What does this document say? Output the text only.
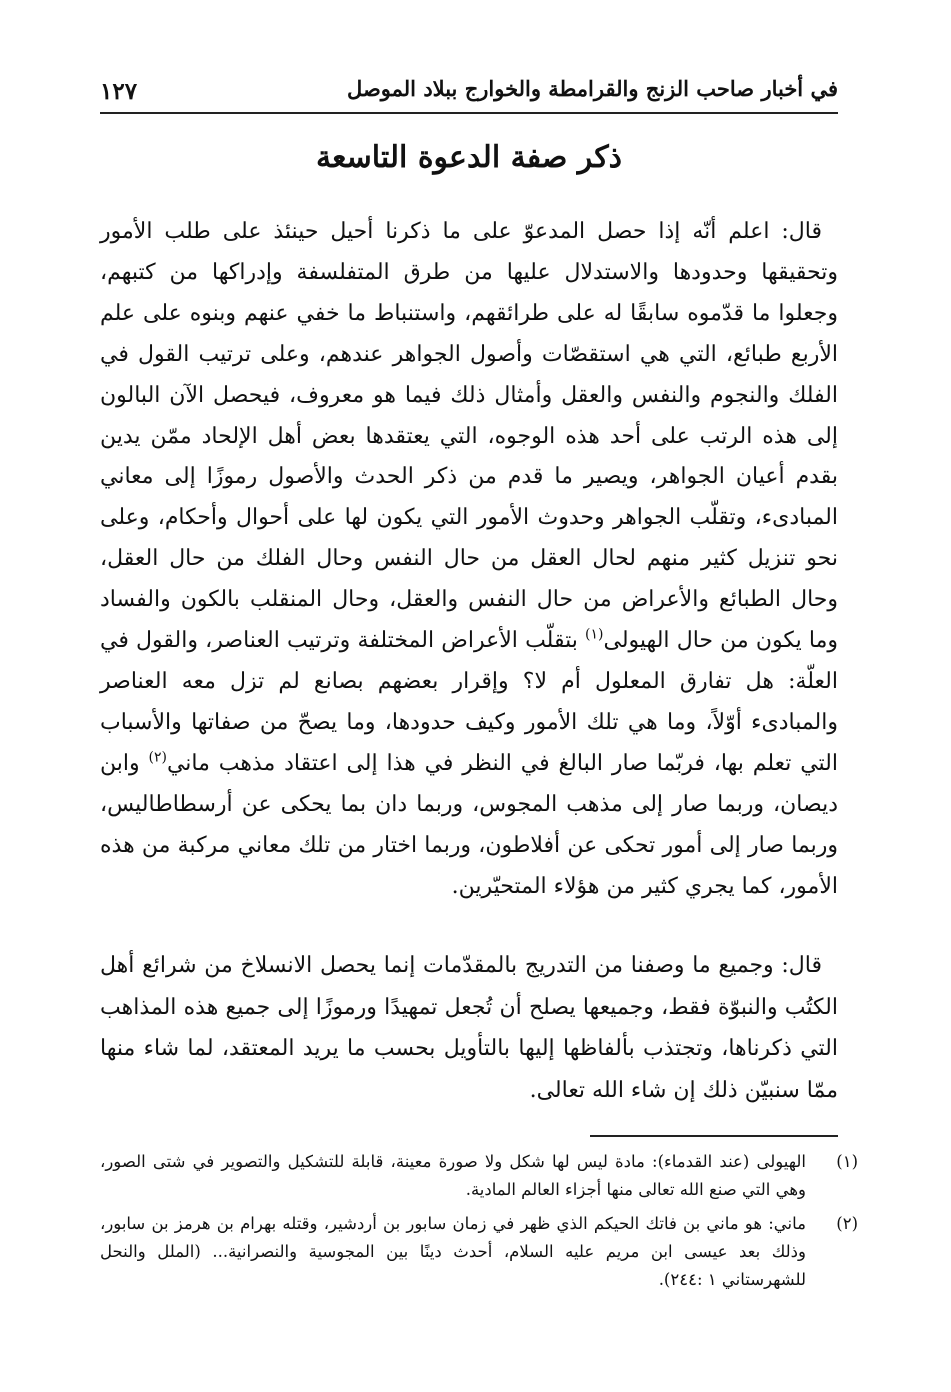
في أخبار صاحب الزنج والقرامطة والخوارج ببلاد الموصل
١٢٧
ذكر صفة الدعوة التاسعة
قال: اعلم أنّه إذا حصل المدعوّ على ما ذكرنا أحيل حينئذ على طلب الأمور وتحقيقها وحدودها والاستدلال عليها من طرق المتفلسفة وإدراكها من كتبهم، وجعلوا ما قدّموه سابقًا له على طرائقهم، واستنباط ما خفي عنهم وبنوه على علم الأربع طبائع، التي هي استقصّات وأصول الجواهر عندهم، وعلى ترتيب القول في الفلك والنجوم والنفس والعقل وأمثال ذلك فيما هو معروف، فيحصل الآن البالون إلى هذه الرتب على أحد هذه الوجوه، التي يعتقدها بعض أهل الإلحاد ممّن يدين بقدم أعيان الجواهر، ويصير ما قدم من ذكر الحدث والأصول رموزًا إلى معاني المبادىء، وتقلّب الجواهر وحدوث الأمور التي يكون لها على أحوال وأحكام، وعلى نحو تنزيل كثير منهم لحال العقل من حال النفس وحال الفلك من حال العقل، وحال الطبائع والأعراض من حال النفس والعقل، وحال المنقلب بالكون والفساد وما يكون من حال الهيولى$^{(١)}$ بتقلّب الأعراض المختلفة وترتيب العناصر، والقول في العلّة: هل تفارق المعلول أم لا؟ وإقرار بعضهم بصانع لم تزل معه العناصر والمبادىء أوّلاً، وما هي تلك الأمور وكيف حدودها، وما يصحّ من صفاتها والأسباب التي تعلم بها، فربّما صار البالغ في النظر في هذا إلى اعتقاد مذهب ماني$^{(٢)}$ وابن ديصان، وربما صار إلى مذهب المجوس، وربما دان بما يحكى عن أرسطاطاليس، وربما صار إلى أمور تحكى عن أفلاطون، وربما اختار من تلك معاني مركبة من هذه الأمور، كما يجري كثير من هؤلاء المتحيّرين.
قال: وجميع ما وصفنا من التدريج بالمقدّمات إنما يحصل الانسلاخ من شرائع أهل الكتُب والنبوّة فقط، وجميعها يصلح أن تُجعل تمهيدًا ورموزًا إلى جميع هذه المذاهب التي ذكرناها، وتجتذب بألفاظها إليها بالتأويل بحسب ما يريد المعتقد، لما شاء منها ممّا سنبيّن ذلك إن شاء الله تعالى.
(١)
الهيولى (عند القدماء): مادة ليس لها شكل ولا صورة معينة، قابلة للتشكيل والتصوير في شتى الصور، وهي التي صنع الله تعالى منها أجزاء العالم المادية.
(٢)
ماني: هو ماني بن فاتك الحيكم الذي ظهر في زمان سابور بن أردشير، وقتله بهرام بن هرمز بن سابور، وذلك بعد عيسى ابن مريم عليه السلام، أحدث دينًا بين المجوسية والنصرانية... (الملل والنحل للشهرستاني ١ :٢٤٤).
